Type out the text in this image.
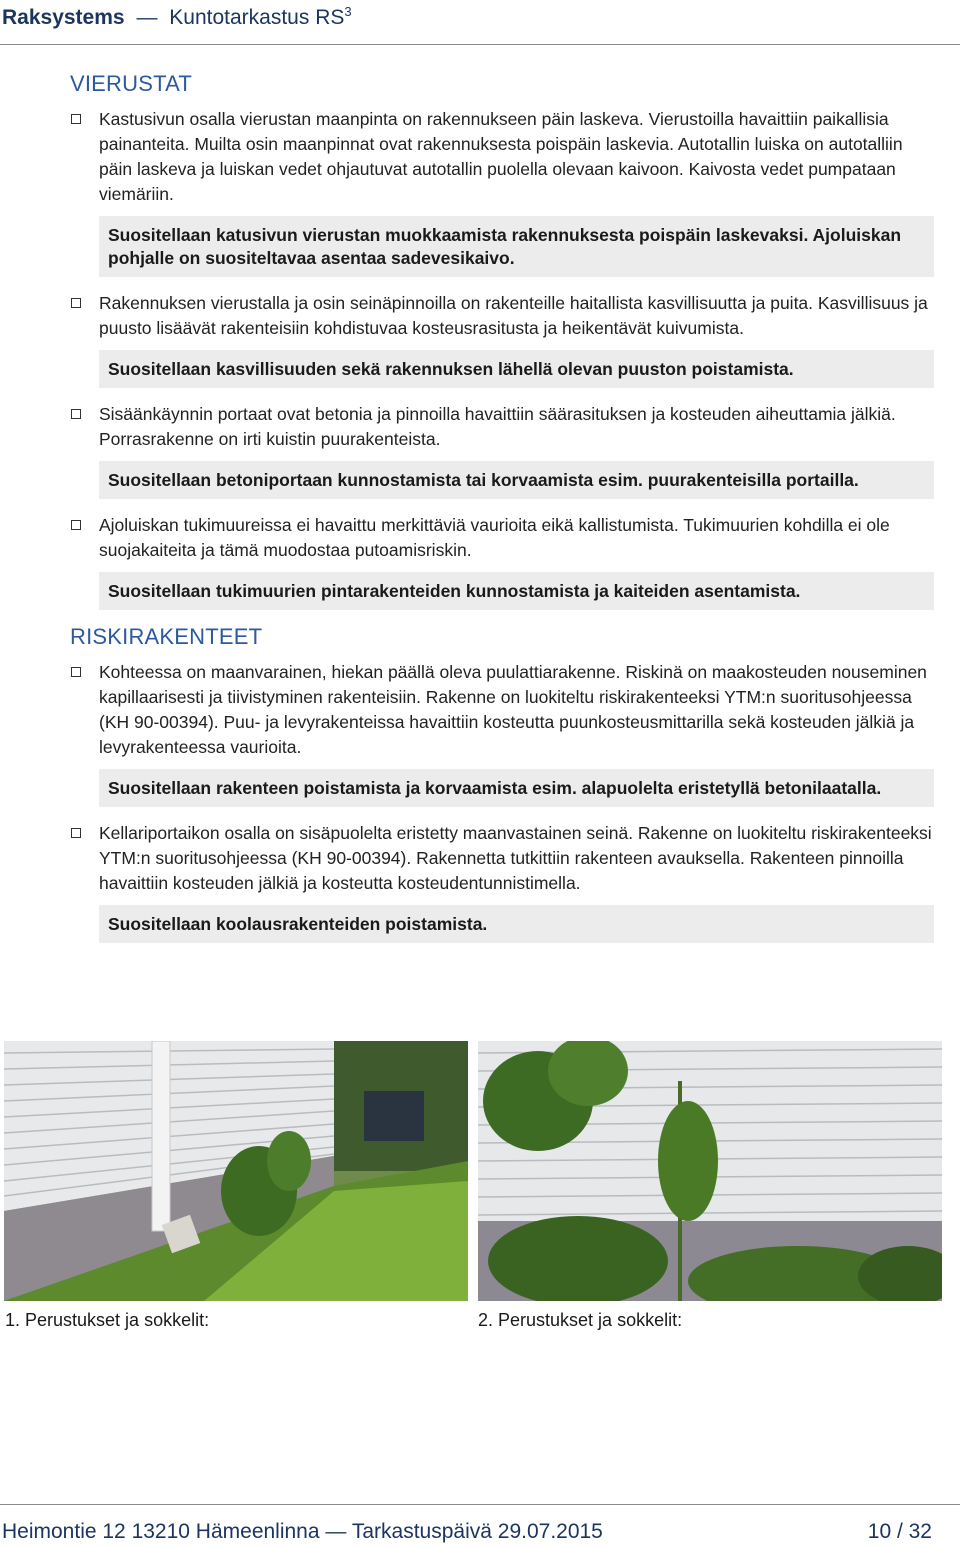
Raksystems — Kuntotarkastus $RS^3$
VIERUSTAT
Kastusivun osalla vierustan maanpinta on rakennukseen päin laskeva. Vierustoilla havaittiin paikallisia painanteita. Muilta osin maanpinnat ovat rakennuksesta poispäin laskevia. Autotallin luiska on autotalliin päin laskeva ja luiskan vedet ohjautuvat autotallin puolella olevaan kaivoon. Kaivosta vedet pumpataan viemäriin.
Suositellaan katusivun vierustan muokkaamista rakennuksesta poispäin laskevaksi. Ajoluiskan pohjalle on suositeltavaa asentaa sadevesikaivo.
Rakennuksen vierustalla ja osin seinäpinnoilla on rakenteille haitallista kasvillisuutta ja puita. Kasvillisuus ja puusto lisäävät rakenteisiin kohdistuvaa kosteusrasitusta ja heikentävät kuivumista.
Suositellaan kasvillisuuden sekä rakennuksen lähellä olevan puuston poistamista.
Sisäänkäynnin portaat ovat betonia ja pinnoilla havaittiin säärasituksen ja kosteuden aiheuttamia jälkiä. Porrasrakenne on irti kuistin puurakenteista.
Suositellaan betoniportaan kunnostamista tai korvaamista esim. puurakenteisilla portailla.
Ajoluiskan tukimuureissa ei havaittu merkittäviä vaurioita eikä kallistumista. Tukimuurien kohdilla ei ole suojakaiteita ja tämä muodostaa putoamisriskin.
Suositellaan tukimuurien pintarakenteiden kunnostamista ja kaiteiden asentamista.
RISKIRAKENTEET
Kohteessa on maanvarainen, hiekan päällä oleva puulattiarakenne. Riskinä on maakosteuden nouseminen kapillaarisesti ja tiivistyminen rakenteisiin. Rakenne on luokiteltu riskirakenteeksi YTM:n suoritusohjeessa (KH 90-00394). Puu- ja levyrakenteissa havaittiin kosteutta puunkosteusmittarilla sekä kosteuden jälkiä ja levyrakenteessa vaurioita.
Suositellaan rakenteen poistamista ja korvaamista esim. alapuolelta eristetyllä betonilaatalla.
Kellariportaikon osalla on sisäpuolelta eristetty maanvastainen seinä. Rakenne on luokiteltu riskirakenteeksi YTM:n suoritusohjeessa (KH 90-00394). Rakennetta tutkittiin rakenteen avauksella. Rakenteen pinnoilla havaittiin kosteuden jälkiä ja kosteutta kosteudentunnistimella.
Suositellaan koolausrakenteiden poistamista.
1. Perustukset ja sokkelit:	2. Perustukset ja sokkelit:
Heimontie 12 13210 Hämeenlinna — Tarkastuspäivä 29.07.2015	10 / 32
